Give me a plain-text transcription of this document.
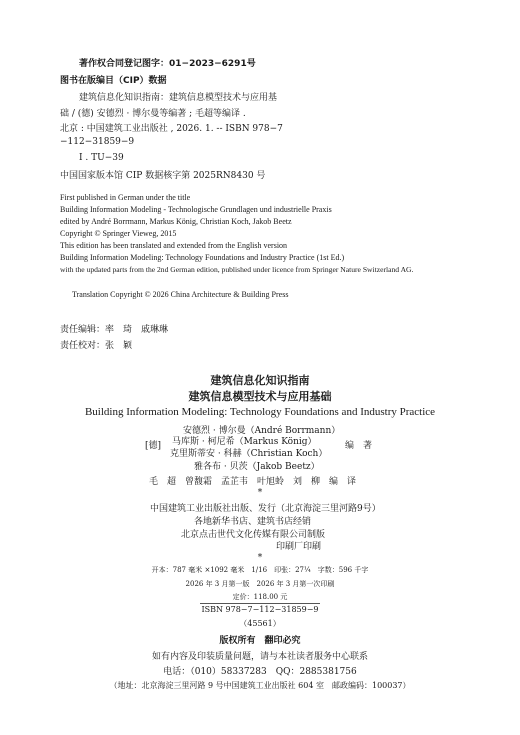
著作权合同登记图字：01−2023−6291号
图书在版编目（CIP）数据
建筑信息化知识指南：建筑信息模型技术与应用基
础 / (德) 安德烈 · 博尔曼等编著 ; 毛超等编译 .
北京 : 中国建筑工业出版社 , 2026. 1. -- ISBN 978−7
−112−31859−9
Ⅰ . TU−39
中国国家版本馆 CIP 数据核字第 2025RN8430 号
First published in German under the title
Building Information Modeling - Technologische Grundlagen und industrielle Praxis
edited by André Borrmann, Markus König, Christian Koch, Jakob Beetz
Copyright © Springer Vieweg, 2015
This edition has been translated and extended from the English version
Building Information Modeling: Technology Foundations and Industry Practice (1st Ed.)
with the updated parts from the 2nd German edition, published under licence from Springer Nature Switzerland AG.
Translation Copyright © 2026 China Architecture & Building Press
责任编辑：率　琦　戚琳琳
责任校对：张　颖
建筑信息化知识指南
建筑信息模型技术与应用基础
Building Information Modeling: Technology Foundations and Industry Practice
安德烈 · 博尔曼（André Borrmann）
[德] 马库斯 · 柯尼希（Markus König）	编　著
克里斯蒂安 · 科赫（Christian Koch）
雅各布 · 贝茨（Jakob Beetz）
毛　超　曾馥霜　孟芷韦　叶旭蛉　刘　柳　编　译
*
中国建筑工业出版社出版、发行（北京海淀三里河路9号）
各地新华书店、建筑书店经销
北京点击世代文化传媒有限公司制版
印刷厂印刷
*
开本：787 毫米 ×1092 毫米　1/16　印张：27¼　字数：596 千字
2026 年 3 月第一版　2026 年 3 月第一次印刷
定价：118.00 元
ISBN 978−7−112−31859−9
（45561）
版权所有　翻印必究
如有内容及印装质量问题，请与本社读者服务中心联系
电话：（010）58337283　QQ：2885381756
（地址：北京海淀三里河路 9 号中国建筑工业出版社 604 室　邮政编码：100037）
